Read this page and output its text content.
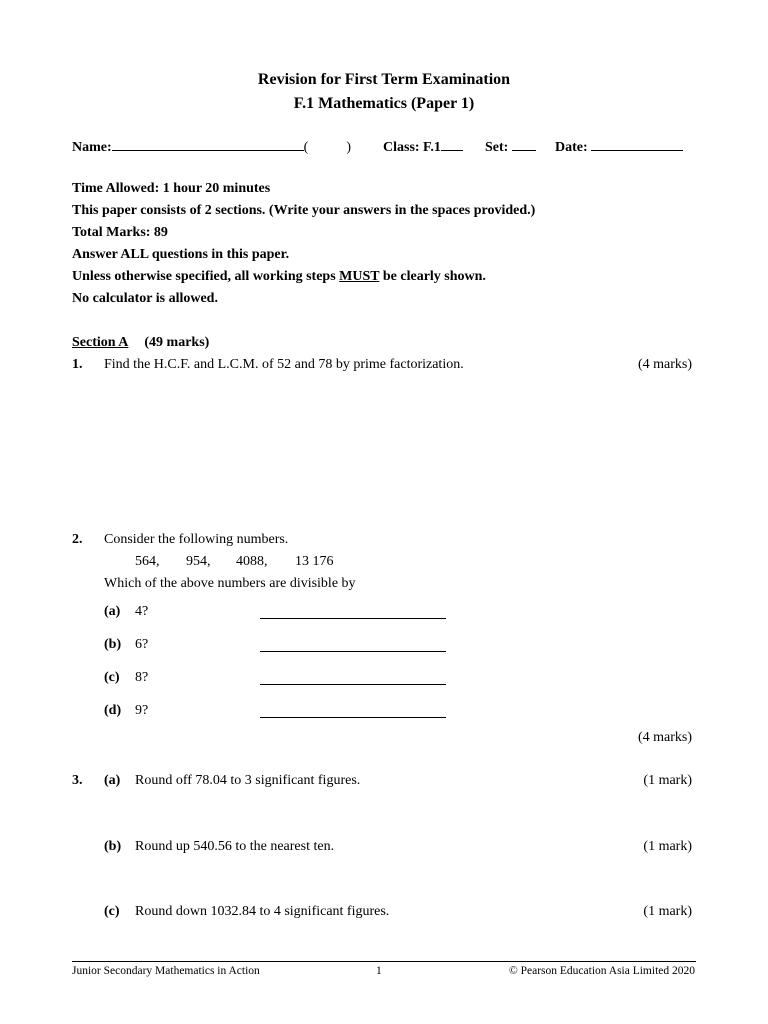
Revision for First Term Examination
F.1 Mathematics (Paper 1)
Name:	(	) Class: F.1	Set:	Date:
Time Allowed: 1 hour 20 minutes
This paper consists of 2 sections. (Write your answers in the spaces provided.)
Total Marks: 89
Answer ALL questions in this paper.
Unless otherwise specified, all working steps MUST be clearly shown.
No calculator is allowed.
Section A (49 marks)
1. Find the H.C.F. and L.C.M. of 52 and 78 by prime factorization.	(4 marks)
2. Consider the following numbers.
564, 954, 4088, 13 176
Which of the above numbers are divisible by
(a) 4?
(b) 6?
(c) 8?
(d) 9?
(4 marks)
3. (a) Round off 78.04 to 3 significant figures.	(1 mark)
(b) Round up 540.56 to the nearest ten.	(1 mark)
(c) Round down 1032.84 to 4 significant figures.	(1 mark)
Junior Secondary Mathematics in Action	1	© Pearson Education Asia Limited 2020
